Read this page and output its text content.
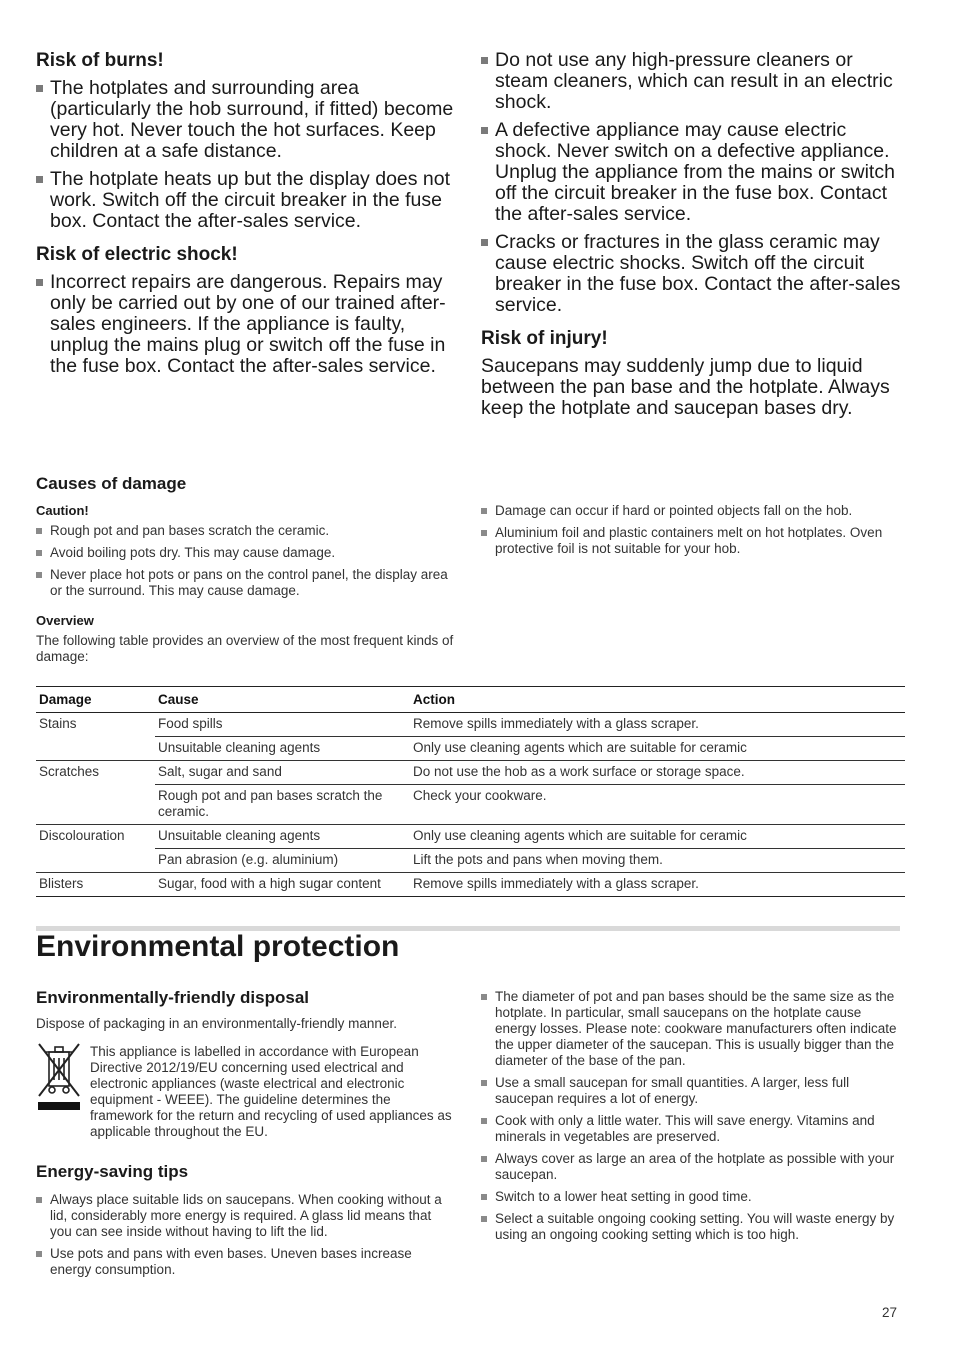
Risk of burns!
The hotplates and surrounding area (particularly the hob surround, if fitted) become very hot. Never touch the hot surfaces. Keep children at a safe distance.
The hotplate heats up but the display does not work. Switch off the circuit breaker in the fuse box. Contact the after-sales service.
Risk of electric shock!
Incorrect repairs are dangerous. Repairs may only be carried out by one of our trained after-sales engineers. If the appliance is faulty, unplug the mains plug or switch off the fuse in the fuse box. Contact the after-sales service.
Do not use any high-pressure cleaners or steam cleaners, which can result in an electric shock.
A defective appliance may cause electric shock. Never switch on a defective appliance. Unplug the appliance from the mains or switch off the circuit breaker in the fuse box. Contact the after-sales service.
Cracks or fractures in the glass ceramic may cause electric shocks. Switch off the circuit breaker in the fuse box. Contact the after-sales service.
Risk of injury!

Saucepans may suddenly jump due to liquid between the pan base and the hotplate. Always keep the hotplate and saucepan bases dry.

Causes of damage

Caution!

Rough pot and pan bases scratch the ceramic.
Avoid boiling pots dry. This may cause damage.
Never place hot pots or pans on the control panel, the display area or the surround. This may cause damage.

Overview

The following table provides an overview of the most frequent kinds of damage:

Damage can occur if hard or pointed objects fall on the hob.
Aluminium foil and plastic containers melt on hot hotplates. Oven protective foil is not suitable for your hob.
Damage	Cause	Action
Stains	Food spills	Remove spills immediately with a glass scraper.
	Unsuitable cleaning agents	Only use cleaning agents which are suitable for ceramic
Scratches	Salt, sugar and sand	Do not use the hob as a work surface or storage space.
	Rough pot and pan bases scratch the ceramic.	Check your cookware.
Discolouration	Unsuitable cleaning agents	Only use cleaning agents which are suitable for ceramic
	Pan abrasion (e.g. aluminium)	Lift the pots and pans when moving them.
Blisters	Sugar, food with a high sugar content	Remove spills immediately with a glass scraper.
Environmental protection
Environmentally-friendly disposal

Dispose of packaging in an environmentally-friendly manner.

This appliance is labelled in accordance with European Directive 2012/19/EU concerning used electrical and electronic appliances (waste electrical and electronic equipment - WEEE). The guideline determines the framework for the return and recycling of used appliances as applicable throughout the EU.

Energy-saving tips
Always place suitable lids on saucepans. When cooking without a lid, considerably more energy is required. A glass lid means that you can see inside without having to lift the lid.
Use pots and pans with even bases. Uneven bases increase energy consumption.
The diameter of pot and pan bases should be the same size as the hotplate. In particular, small saucepans on the hotplate cause energy losses. Please note: cookware manufacturers often indicate the upper diameter of the saucepan. This is usually bigger than the diameter of the base of the pan.
Use a small saucepan for small quantities. A larger, less full saucepan requires a lot of energy.
Cook with only a little water. This will save energy. Vitamins and minerals in vegetables are preserved.
Always cover as large an area of the hotplate as possible with your saucepan.
Switch to a lower heat setting in good time.
Select a suitable ongoing cooking setting. You will waste energy by using an ongoing cooking setting which is too high.
27
